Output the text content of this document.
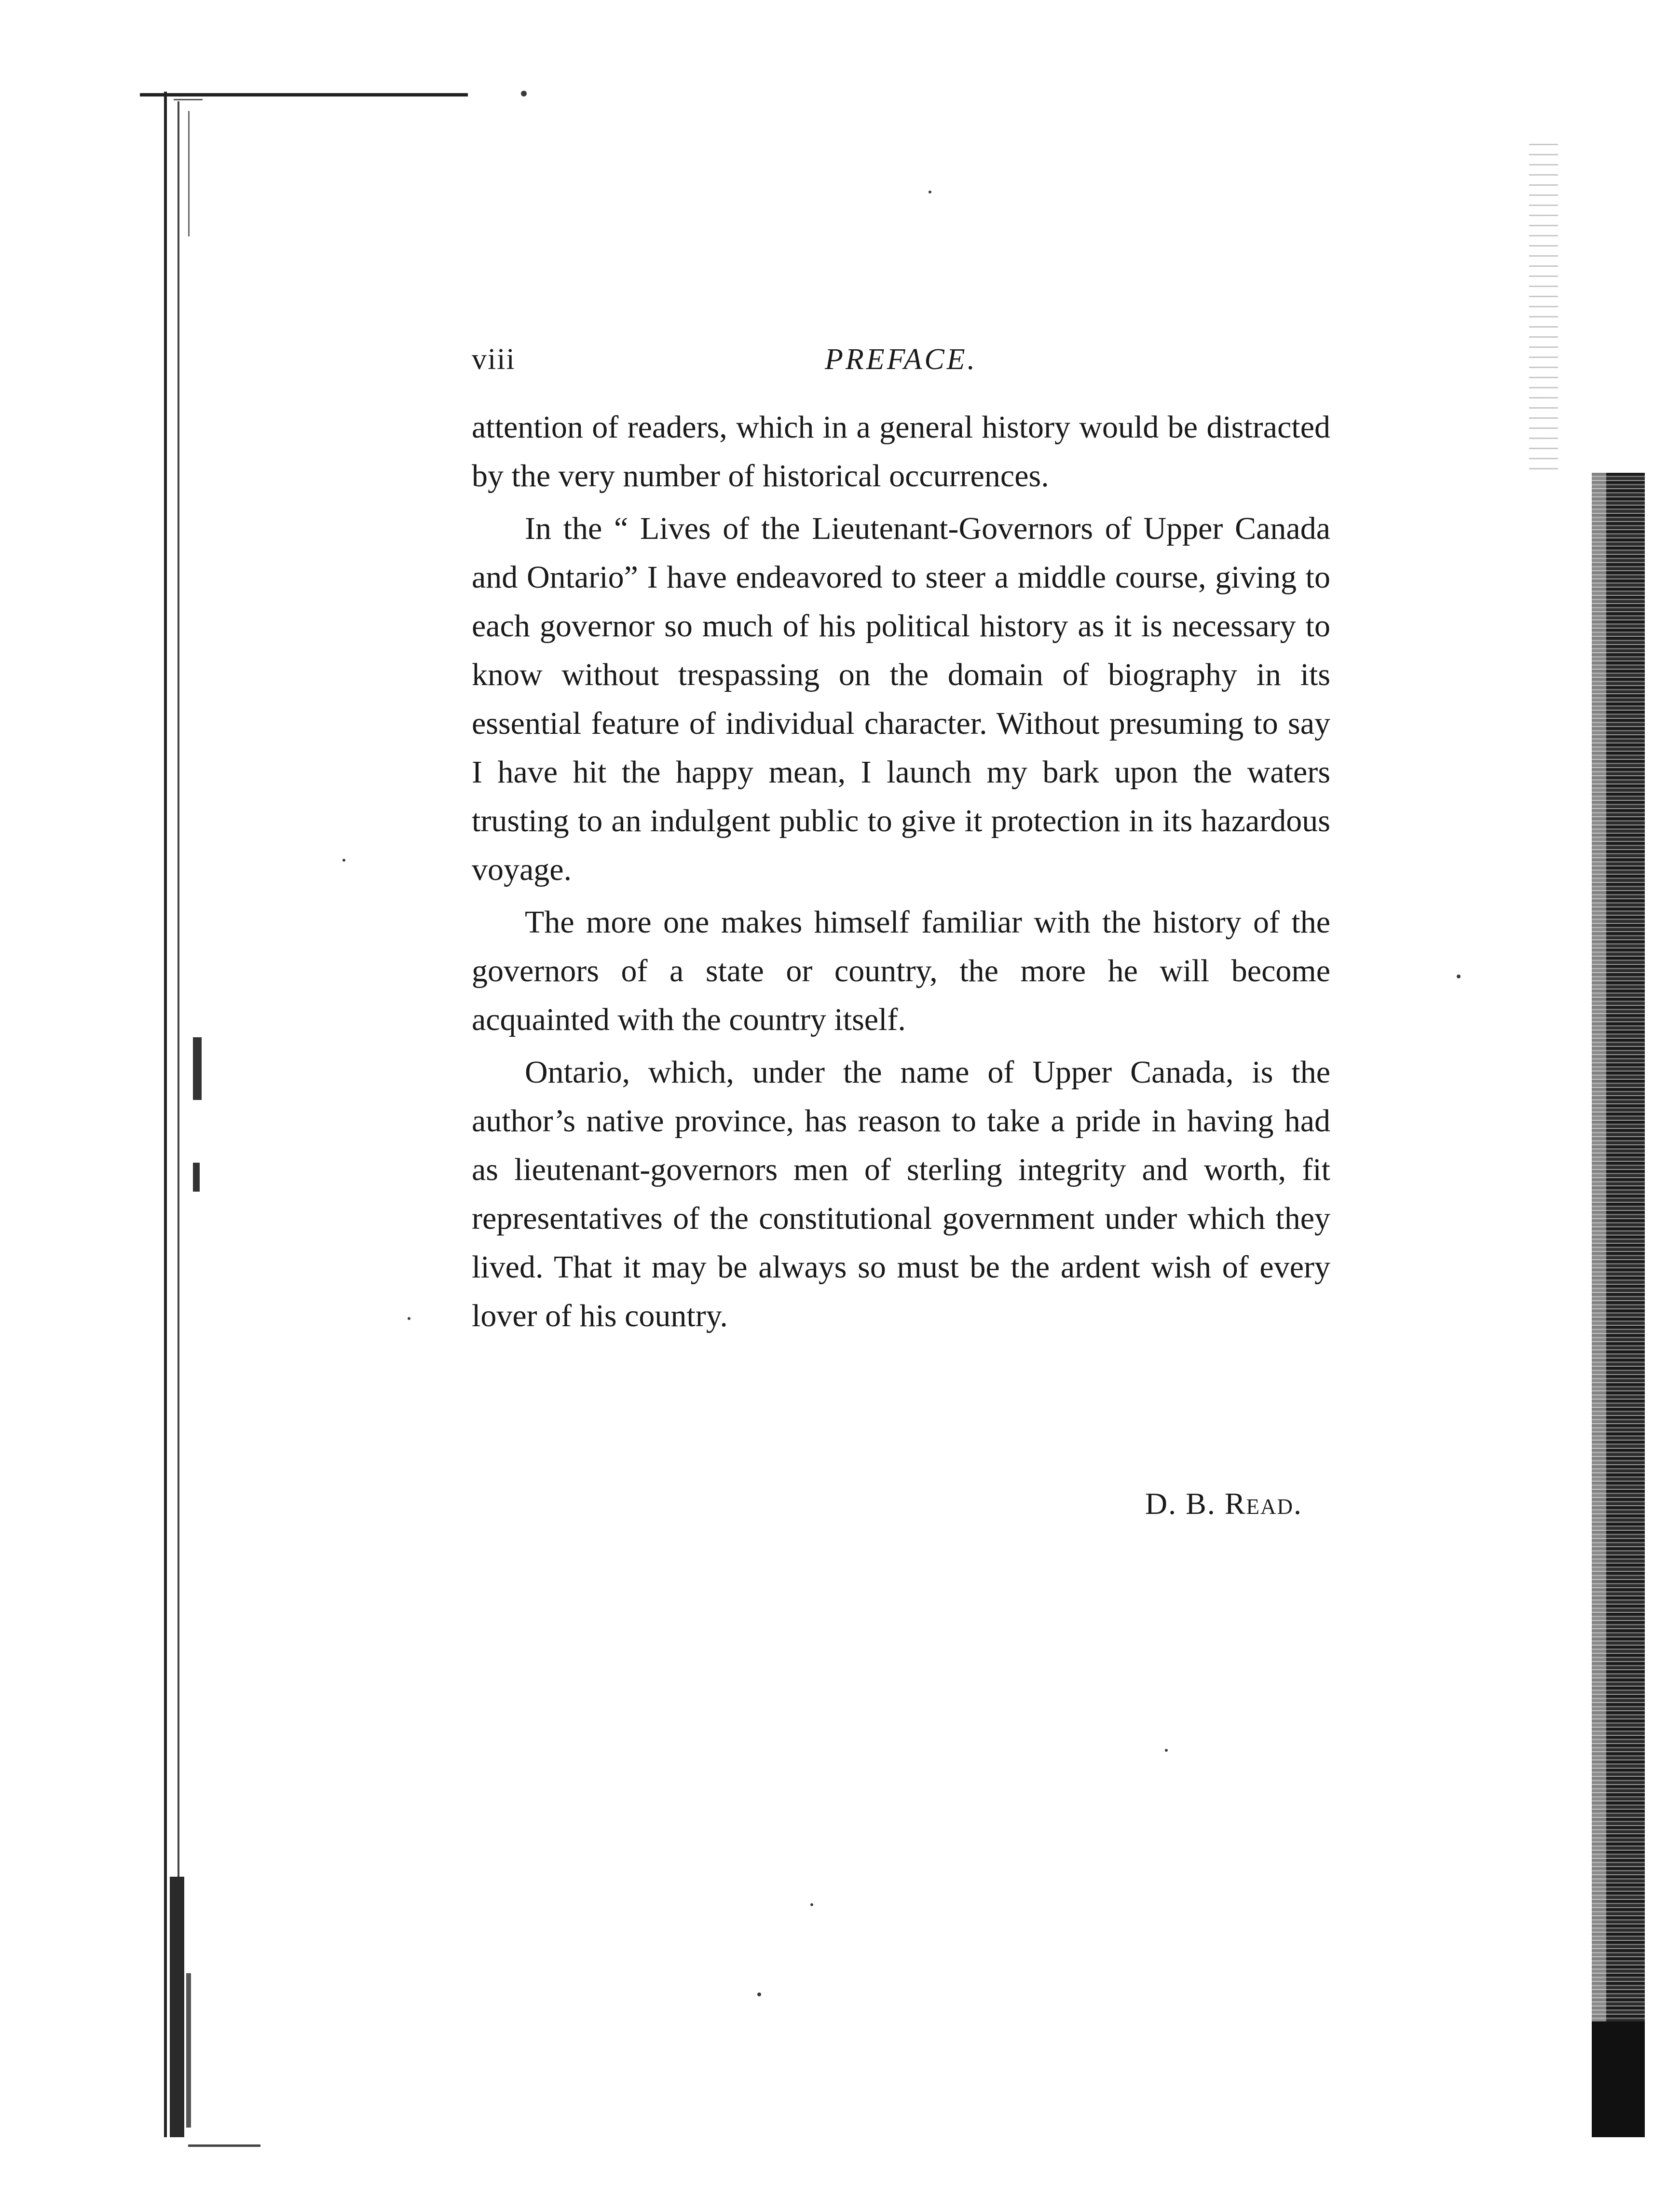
viii	PREFACE.

attention of readers, which in a general history would be distracted by the very number of historical occurrences.

In the “ Lives of the Lieutenant-Governors of Upper Canada and Ontario” I have endeavored to steer a middle course, giving to each governor so much of his political history as it is necessary to know without trespassing on the domain of biography in its essential feature of individual character. Without presuming to say I have hit the happy mean, I launch my bark upon the waters trusting to an indulgent public to give it protection in its hazardous voyage.

The more one makes himself familiar with the history of the governors of a state or country, the more he will become acquainted with the country itself.

Ontario, which, under the name of Upper Canada, is the author’s native province, has reason to take a pride in having had as lieutenant-governors men of sterling integrity and worth, fit representatives of the constitutional government under which they lived. That it may be always so must be the ardent wish of every lover of his country.

D. B. Read.
